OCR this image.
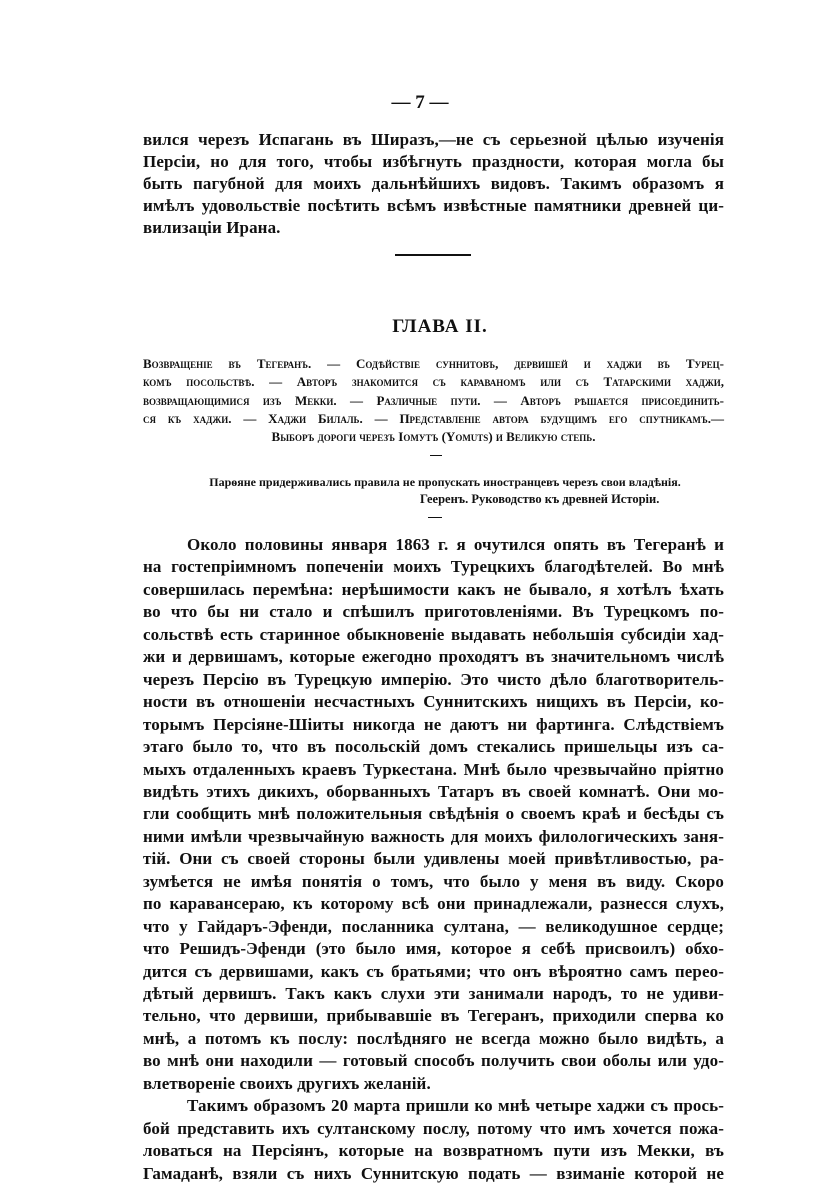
— 7 —
вился черезъ Испагань въ Ширазъ,—не съ серьезной цѣлью изученія
Персіи, но для того, чтобы избѣгнуть праздности, которая могла бы
быть пагубной для моихъ дальнѣйшихъ видовъ. Такимъ образомъ я
имѣлъ удовольствіе посѣтить всѣмъ извѣстные памятники древней ци-
вилизаціи Ирана.
ГЛАВА II.
Возвращеніе въ Тегеранъ. — Содѣйствіе суннитовъ, дервишей и хаджи въ Турец-
комъ посольствѣ. — Авторъ знакомится съ караваномъ или съ Татарскими хаджи,
возвращающимися изъ Мекки. — Различные пути. — Авторъ рѣшается присоединить-
ся къ хаджи. — Хаджи Билаль. — Представленіе автора будущимъ его спутникамъ.—
Выборъ дороги черезъ Іомутъ (Yomuts) и Великую степь.
Парѳяне придерживались правила не пропускать иностранцевъ черезъ свои владѣнія.
Гееренъ. Руководство къ древней Исторіи.
Около половины января 1863 г. я очутился опять въ Тегеранѣ и
на гостепріимномъ попеченіи моихъ Турецкихъ благодѣтелей. Во мнѣ
совершилась перемѣна: нерѣшимости какъ не бывало, я хотѣлъ ѣхать
во что бы ни стало и спѣшилъ приготовленіями. Въ Турецкомъ по-
сольствѣ есть старинное обыкновеніе выдавать небольшія субсидіи хад-
жи и дервишамъ, которые ежегодно проходятъ въ значительномъ числѣ
черезъ Персію въ Турецкую имперію. Это чисто дѣло благотворитель-
ности въ отношеніи несчастныхъ Суннитскихъ нищихъ въ Персіи, ко-
торымъ Персіяне-Шіиты никогда не даютъ ни фартинга. Слѣдствіемъ
этаго было то, что въ посольскій домъ стекались пришельцы изъ са-
мыхъ отдаленныхъ краевъ Туркестана. Мнѣ было чрезвычайно пріятно
видѣть этихъ дикихъ, оборванныхъ Татаръ въ своей комнатѣ. Они мо-
гли сообщить мнѣ положительныя свѣдѣнія о своемъ краѣ и бесѣды съ
ними имѣли чрезвычайную важность для моихъ филологическихъ заня-
тій. Они съ своей стороны были удивлены моей привѣтливостью, ра-
зумѣется не имѣя понятія о томъ, что было у меня въ виду. Скоро
по каравансераю, къ которому всѣ они принадлежали, разнесся слухъ,
что у Гайдаръ-Эфенди, посланника султана, — великодушное сердце;
что Решидъ-Эфенди (это было имя, которое я себѣ присвоилъ) обхо-
дится съ дервишами, какъ съ братьями; что онъ вѣроятно самъ переo-
дѣтый дервишъ. Такъ какъ слухи эти занимали народъ, то не удиви-
тельно, что дервиши, прибывавшіе въ Тегеранъ, приходили сперва ко
мнѣ, а потомъ къ послу: послѣдняго не всегда можно было видѣть, а
во мнѣ они находили — готовый способъ получить свои оболы или удо-
влетвореніе своихъ другихъ желаній.
Такимъ образомъ 20 марта пришли ко мнѣ четыре хаджи съ прось-
бой представить ихъ султанскому послу, потому что имъ хочется пожа-
ловаться на Персіянъ, которые на возвратномъ пути изъ Мекки, въ
Гамаданѣ, взяли съ нихъ Суннитскую подать — взиманіе которой не
